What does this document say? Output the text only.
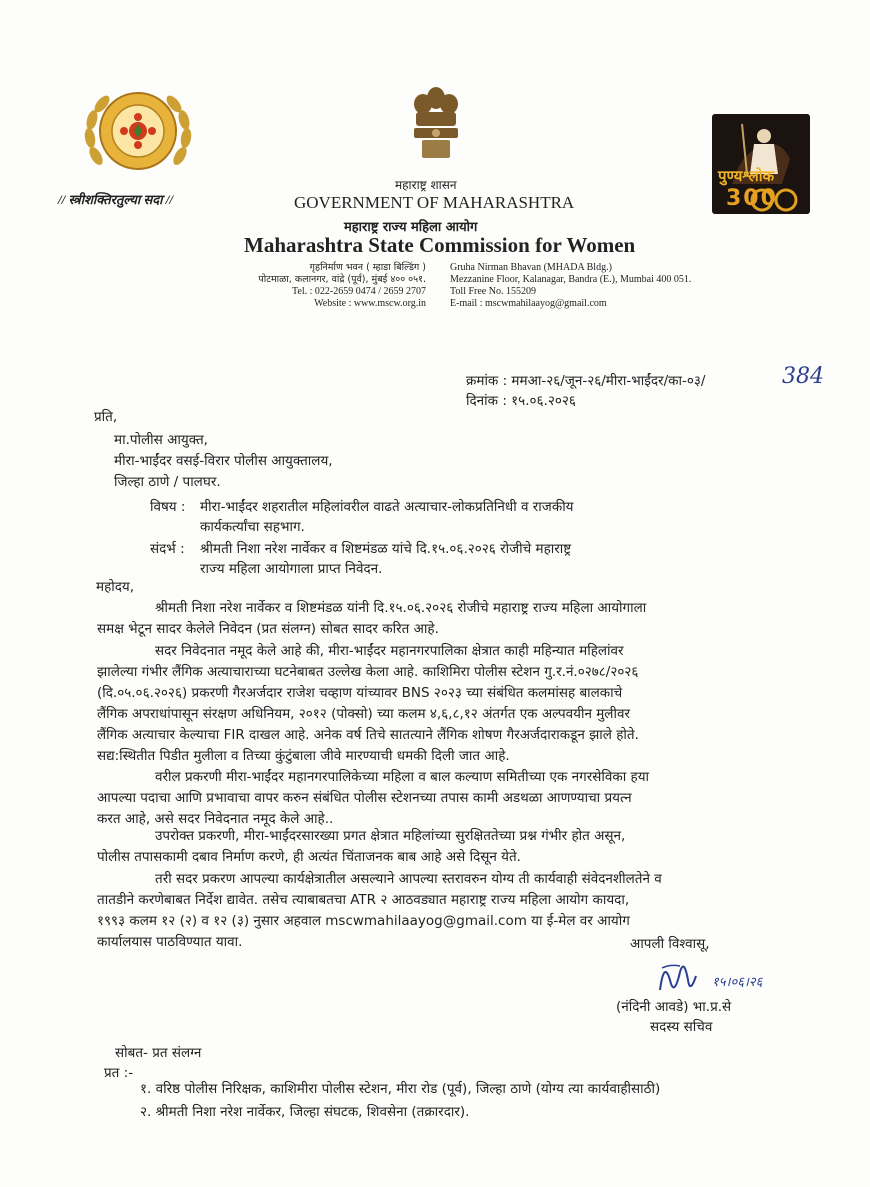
// स्त्रीशक्तिरतुल्या सदा //
पुण्यश्लोक
300
महाराष्ट्र शासन
GOVERNMENT OF MAHARASHTRA
महाराष्ट्र राज्य महिला आयोग
Maharashtra State Commission for Women
गृहनिर्माण भवन ( म्हाडा बिल्डिंग )
पोटमाळा, कलानगर, वांद्रे (पूर्व), मुंबई ४०० ०५१.
Tel. : 022-2659 0474 / 2659 2707
Website : www.mscw.org.in
Gruha Nirman Bhavan (MHADA Bldg.)
Mezzanine Floor, Kalanagar, Bandra (E.), Mumbai 400 051.
Toll Free No. 155209
E-mail : mscwmahilaayog@gmail.com
क्रमांक : ममआ-२६/जून-२६/मीरा-भाईंदर/का-०३/	384
दिनांक : १५.०६.२०२६
प्रति,
मा.पोलीस आयुक्त,
मीरा-भाईंदर वसई-विरार पोलीस आयुक्तालय,
जिल्हा ठाणे / पालघर.
विषय : मीरा-भाईंदर शहरातील महिलांवरील वाढते अत्याचार-लोकप्रतिनिधी व राजकीय
कार्यकर्त्यांचा सहभाग.
संदर्भ : श्रीमती निशा नरेश नार्वेकर व शिष्टमंडळ यांचे दि.१५.०६.२०२६ रोजीचे महाराष्ट्र
राज्य महिला आयोगाला प्राप्त निवेदन.
महोदय,
श्रीमती निशा नरेश नार्वेकर व शिष्टमंडळ यांनी दि.१५.०६.२०२६ रोजीचे महाराष्ट्र राज्य महिला आयोगाला
समक्ष भेटून सादर केलेले निवेदन (प्रत संलग्न) सोबत सादर करित आहे.
सदर निवेदनात नमूद केले आहे की, मीरा-भाईंदर महानगरपालिका क्षेत्रात काही महिन्यात महिलांवर
झालेल्या गंभीर लैंगिक अत्याचाराच्या घटनेबाबत उल्लेख केला आहे. काशिमिरा पोलीस स्टेशन गु.र.नं.०२७८/२०२६
(दि.०५.०६.२०२६) प्रकरणी गैरअर्जदार राजेश चव्हाण यांच्यावर BNS २०२३ च्या संबंधित कलमांसह बालकाचे
लैंगिक अपराधांपासून संरक्षण अधिनियम, २०१२ (पोक्सो) च्या कलम ४,६,८,१२ अंतर्गत एक अल्पवयीन मुलीवर
लैंगिक अत्याचार केल्याचा FIR दाखल आहे. अनेक वर्ष तिचे सातत्याने लैंगिक शोषण गैरअर्जदाराकडून झाले होते.
सद्य:स्थितीत पिडीत मुलीला व तिच्या कुंटुंबाला जीवे मारण्याची धमकी दिली जात आहे.
वरील प्रकरणी मीरा-भाईंदर महानगरपालिकेच्या महिला व बाल कल्याण समितीच्या एक नगरसेविका हया
आपल्या पदाचा आणि प्रभावाचा वापर करुन संबंधित पोलीस स्टेशनच्या तपास कामी अडथळा आणण्याचा प्रयत्न
करत आहे, असे सदर निवेदनात नमूद केले आहे..
उपरोक्त प्रकरणी, मीरा-भाईंदरसारख्या प्रगत क्षेत्रात महिलांच्या सुरक्षिततेच्या प्रश्न गंभीर होत असून,
पोलीस तपासकामी दबाव निर्माण करणे, ही अत्यंत चिंताजनक बाब आहे असे दिसून येते.
तरी सदर प्रकरण आपल्या कार्यक्षेत्रातील असल्याने आपल्या स्तरावरुन योग्य ती कार्यवाही संवेदनशीलतेने व
तातडीने करणेबाबत निर्देश द्यावेत. तसेच त्याबाबतचा ATR २ आठवड्यात महाराष्ट्र राज्य महिला आयोग कायदा,
१९९३ कलम १२ (२) व १२ (३) नुसार अहवाल mscwmahilaayog@gmail.com या ई-मेल वर आयोग
कार्यालयास पाठविण्यात यावा.	आपली विश्वासू,
१५।०६।२६
(नंदिनी आवडे) भा.प्र.से
सदस्य सचिव
सोबत- प्रत संलग्न
प्रत :-
१. वरिष्ठ पोलीस निरिक्षक, काशिमीरा पोलीस स्टेशन, मीरा रोड (पूर्व), जिल्हा ठाणे (योग्य त्या कार्यवाहीसाठी)
२. श्रीमती निशा नरेश नार्वेकर, जिल्हा संघटक, शिवसेना (तक्रारदार).
